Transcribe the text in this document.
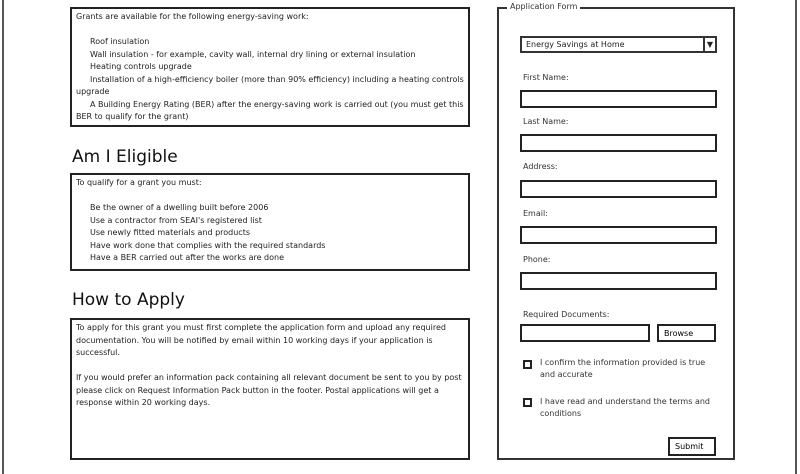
Grants are available for the following energy-saving work:

Roof insulation

Wall insulation - for example, cavity wall, internal dry lining or external insulation

Heating controls upgrade

Installation of a high-efficiency boiler (more than 90% efficiency) including a heating controls upgrade

A Building Energy Rating (BER) after the energy-saving work is carried out (you must get this BER to qualify for the grant)

Am I Eligible

To qualify for a grant you must:

Be the owner of a dwelling built before 2006

Use a contractor from SEAI's registered list

Use newly fitted materials and products

Have work done that complies with the required standards

Have a BER carried out after the works are done

How to Apply

To apply for this grant you must first complete the application form and upload any required documentation. You will be notified by email within 10 working days if your application is successful.

If you would prefer an information pack containing all relevant document be sent to you by post please click on Request Information Pack button in the footer. Postal applications will get a response within 20 working days.

Application Form
Energy Savings at Home	▼
First Name:
Last Name:
Address:
Email:
Phone:
Required Documents:
Browse
I confirm the information provided is true and accurate
I have read and understand the terms and conditions
Submit
